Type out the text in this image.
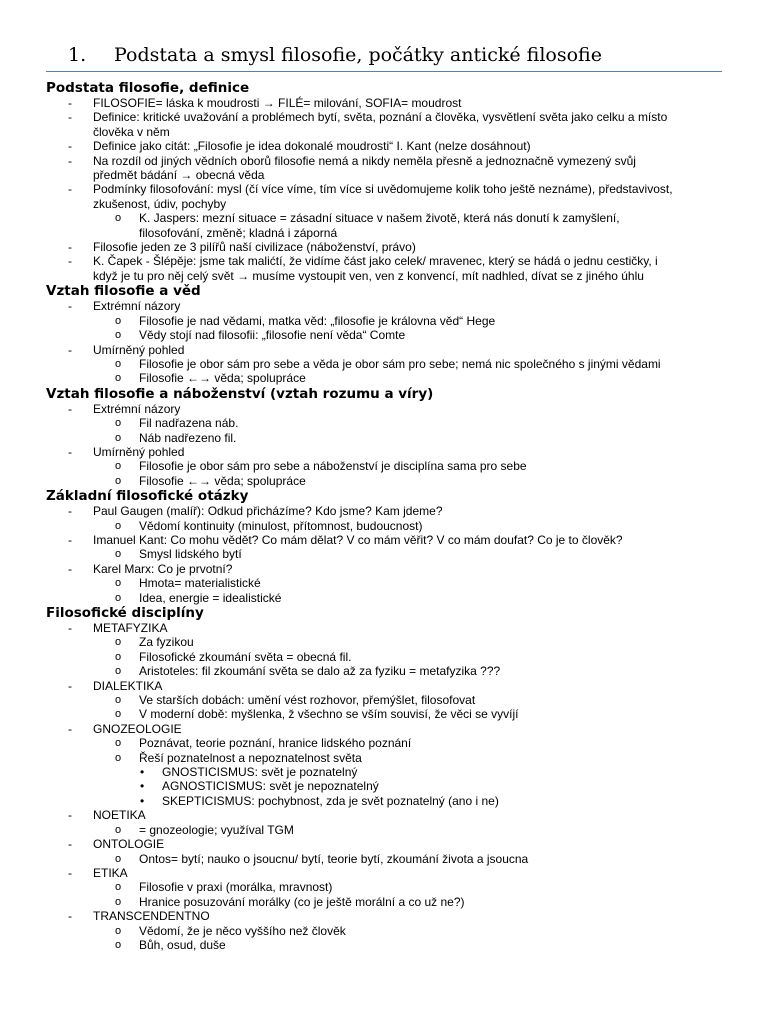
1. Podstata a smysl filosofie, počátky antické filosofie
Podstata filosofie, definice
- FILOSOFIE= láska k moudrosti → FILÉ= milování, SOFIA= moudrost
- Definice: kritické uvažování a problémech bytí, světa, poznání a člověka, vysvětlení světa jako celku a místo
člověka v něm
- Definice jako citát: „Filosofie je idea dokonalé moudrosti“ I. Kant (nelze dosáhnout)
- Na rozdíl od jiných vědních oborů filosofie nemá a nikdy neměla přesně a jednoznačně vymezený svůj
předmět bádání → obecná věda
- Podmínky filosofování: mysl (čí více víme, tím více si uvědomujeme kolik toho ještě neznáme), představivost,
zkušenost, údiv, pochyby
o K. Jaspers: mezní situace = zásadní situace v našem životě, která nás donutí k zamyšlení,
filosofování, změně; kladná i záporná
- Filosofie jeden ze 3 pilířů naší civilizace (náboženství, právo)
- K. Čapek - Šlépěje: jsme tak malićtí, že vidíme část jako celek/ mravenec, který se hádá o jednu cestičky, i
když je tu pro něj celý svět → musíme vystoupit ven, ven z konvencí, mít nadhled, dívat se z jiného úhlu
Vztah filosofie a věd
- Extrémní názory
o Filosofie je nad vědami, matka věd: „filosofie je královna věd“ Hege
o Vědy stojí nad filosofii: „filosofie není věda“ Comte
- Umírněný pohled
o Filosofie je obor sám pro sebe a věda je obor sám pro sebe; nemá nic společného s jinými vědami
o Filosofie ←→ věda; spolupráce
Vztah filosofie a náboženství (vztah rozumu a víry)
- Extrémní názory
o Fil nadřazena náb.
o Náb nadřezeno fil.
- Umírněný pohled
o Filosofie je obor sám pro sebe a náboženství je disciplína sama pro sebe
o Filosofie ←→ věda; spolupráce
Základní filosofické otázky
- Paul Gaugen (malíř): Odkud přicházíme? Kdo jsme? Kam jdeme?
o Vědomí kontinuity (minulost, přítomnost, budoucnost)
- Imanuel Kant: Co mohu vědět? Co mám dělat? V co mám věřit? V co mám doufat? Co je to člověk?
o Smysl lidského bytí
- Karel Marx: Co je prvotní?
o Hmota= materialistické
o Idea, energie = idealistické
Filosofické disciplíny
- METAFYZIKA
o Za fyzikou
o Filosofické zkoumání světa = obecná fil.
o Aristoteles: fil zkoumání světa se dalo až za fyziku = metafyzika ???
- DIALEKTIKA
o Ve starších dobách: umění vést rozhovor, přemýšlet, filosofovat
o V moderní době: myšlenka, ž všechno se vším souvisí, že věci se vyvíjí
- GNOZEOLOGIE
o Poznávat, teorie poznání, hranice lidského poznání
o Řeší poznatelnost a nepoznatelnost světa
• GNOSTICISMUS: svět je poznatelný
• AGNOSTICISMUS: svět je nepoznatelný
• SKEPTICISMUS: pochybnost, zda je svět poznatelný (ano i ne)
- NOETIKA
o = gnozeologie; využíval TGM
- ONTOLOGIE
o Ontos= bytí; nauko o jsoucnu/ bytí, teorie bytí, zkoumání života a jsoucna
- ETIKA
o Filosofie v praxi (morálka, mravnost)
o Hranice posuzování morálky (co je ještě morální a co už ne?)
- TRANSCENDENTNO
o Vědomí, že je něco vyššího než člověk
o Bůh, osud, duše
